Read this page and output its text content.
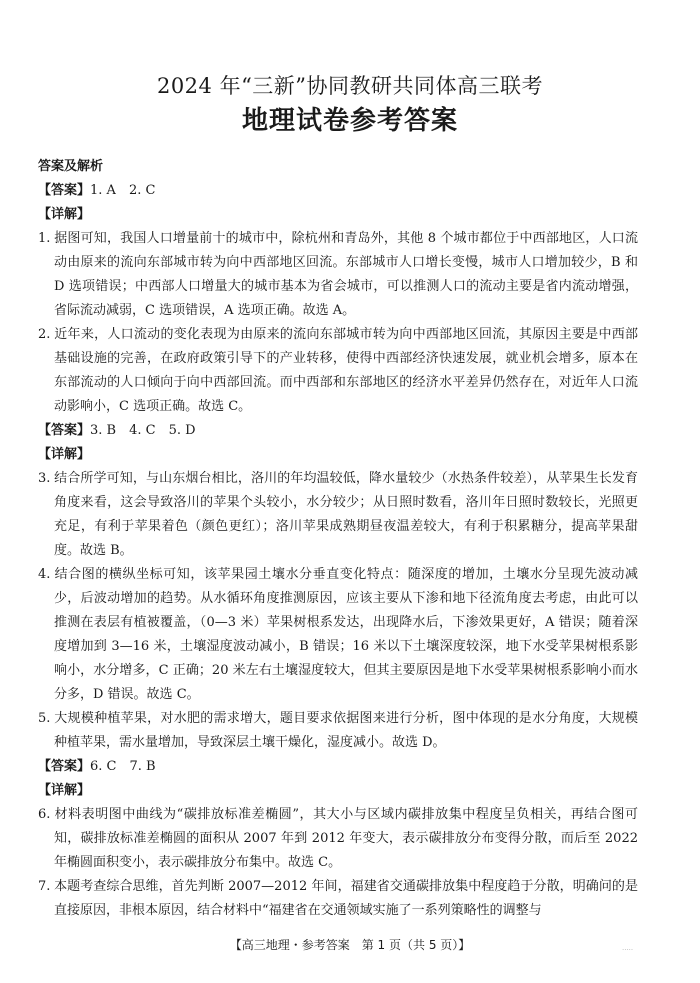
2024 年“三新”协同教研共同体高三联考
地理试卷参考答案
答案及解析
【答案】1. A　2. C
【详解】
1. 据图可知，我国人口增量前十的城市中，除杭州和青岛外，其他 8 个城市都位于中西部地区，人口流动由原来的流向东部城市转为向中西部地区回流。东部城市人口增长变慢，城市人口增加较少，B 和 D 选项错误；中西部人口增量大的城市基本为省会城市，可以推测人口的流动主要是省内流动增强，省际流动减弱，C 选项错误，A 选项正确。故选 A。
2. 近年来，人口流动的变化表现为由原来的流向东部城市转为向中西部地区回流，其原因主要是中西部基础设施的完善，在政府政策引导下的产业转移，使得中西部经济快速发展，就业机会增多，原本在东部流动的人口倾向于向中西部回流。而中西部和东部地区的经济水平差异仍然存在，对近年人口流动影响小，C 选项正确。故选 C。
【答案】3. B　4. C　5. D
【详解】
3. 结合所学可知，与山东烟台相比，洛川的年均温较低，降水量较少（水热条件较差），从苹果生长发育角度来看，这会导致洛川的苹果个头较小，水分较少；从日照时数看，洛川年日照时数较长，光照更充足，有利于苹果着色（颜色更红）；洛川苹果成熟期昼夜温差较大，有利于积累糖分，提高苹果甜度。故选 B。
4. 结合图的横纵坐标可知，该苹果园土壤水分垂直变化特点：随深度的增加，土壤水分呈现先波动减少，后波动增加的趋势。从水循环角度推测原因，应该主要从下渗和地下径流角度去考虑，由此可以推测在表层有植被覆盖，（0—3 米）苹果树根系发达，出现降水后，下渗效果更好，A 错误；随着深度增加到 3—16 米，土壤湿度波动减小，B 错误；16 米以下土壤深度较深，地下水受苹果树根系影响小，水分增多，C 正确；20 米左右土壤湿度较大，但其主要原因是地下水受苹果树根系影响小而水分多，D 错误。故选 C。
5. 大规模种植苹果，对水肥的需求增大，题目要求依据图来进行分析，图中体现的是水分角度，大规模种植苹果，需水量增加，导致深层土壤干燥化，湿度减小。故选 D。
【答案】6. C　7. B
【详解】
6. 材料表明图中曲线为“碳排放标准差椭圆”，其大小与区域内碳排放集中程度呈负相关，再结合图可知，碳排放标准差椭圆的面积从 2007 年到 2012 年变大，表示碳排放分布变得分散，而后至 2022 年椭圆面积变小，表示碳排放分布集中。故选 C。
7. 本题考查综合思维，首先判断 2007—2012 年间，福建省交通碳排放集中程度趋于分散，明确问的是直接原因，非根本原因，结合材料中“福建省在交通领域实施了一系列策略性的调整与
【高三地理・参考答案　第 1 页（共 5 页）】	.....
